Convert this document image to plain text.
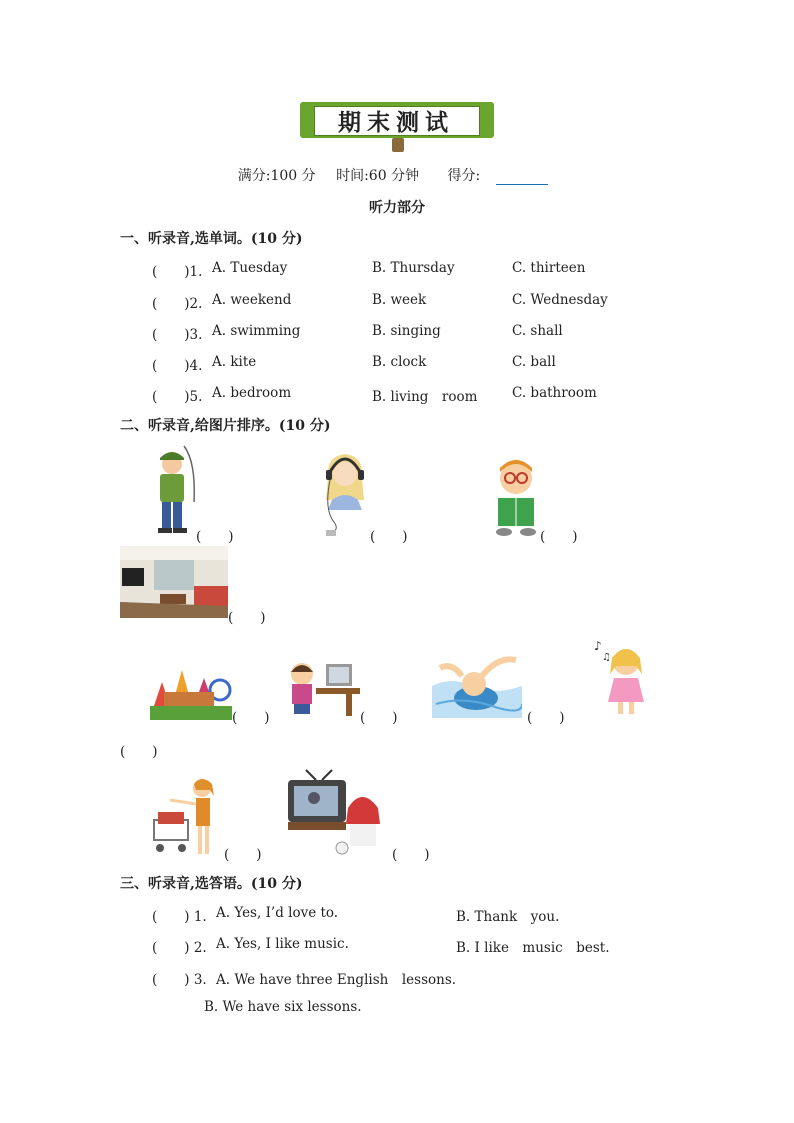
期末测试
满分:100 分 时间:60 分钟 得分:
听力部分
一、听录音,选单词。(10 分)
(　　)1. A. Tuesday	B. Thursday	C. thirteen
(　　)2. A. weekend	B. week	C. Wednesday
(　　)3. A. swimming	B. singing	C. shall
(　　)4. A. kite	B. clock	C. ball
(　　)5. A. bedroom	B. living　room	C. bathroom
二、听录音,给图片排序。(10 分)
(　　)	(　　)	(　　)
(　　)
(　　)	(　　)	(　　)
♪
♫
(　　)
(　　)	(　　)
三、听录音,选答语。(10 分)
(　　) 1. A. Yes, I’d love to.	B. Thank　you.
(　　) 2. A. Yes, I like music.	B. I like　music　best.
(　　) 3. A. We have three English　lessons.
B. We have six lessons.
